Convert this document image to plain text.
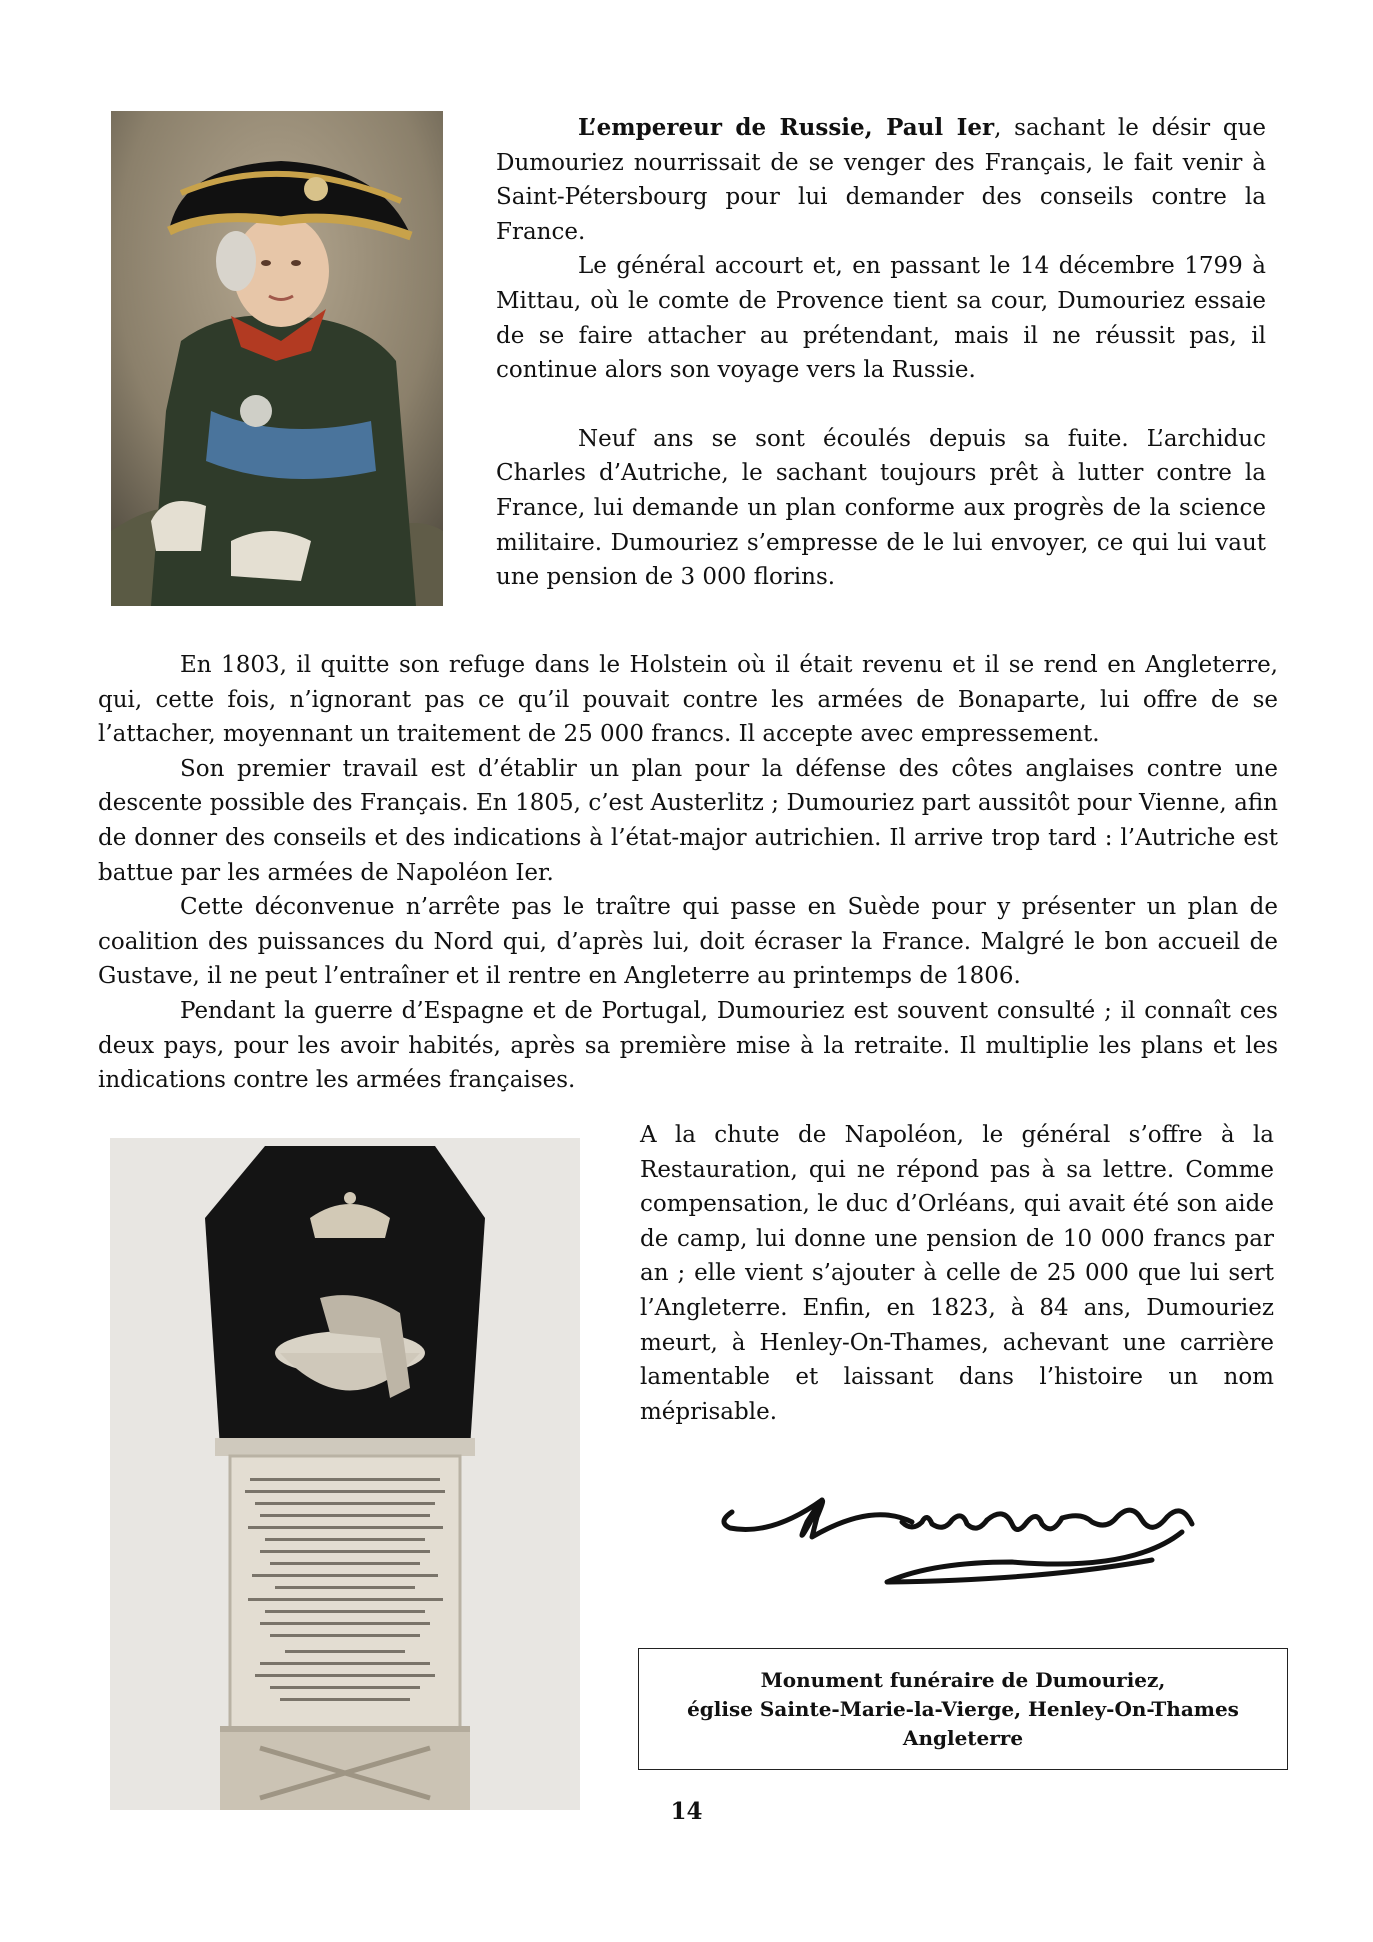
L’empereur de Russie, Paul Ier, sachant le désir que Dumouriez nourrissait de se venger des Français, le fait venir à Saint-Pétersbourg pour lui demander des conseils contre la France.

Le général accourt et, en passant le 14 décembre 1799 à Mittau, où le comte de Provence tient sa cour, Dumouriez essaie de se faire attacher au prétendant, mais il ne réussit pas, il continue alors son voyage vers la Russie.

Neuf ans se sont écoulés depuis sa fuite. L’archiduc Charles d’Autriche, le sachant toujours prêt à lutter contre la France, lui demande un plan conforme aux progrès de la science militaire. Dumouriez s’empresse de le lui envoyer, ce qui lui vaut une pension de 3 000 florins.

En 1803, il quitte son refuge dans le Holstein où il était revenu et il se rend en Angleterre, qui, cette fois, n’ignorant pas ce qu’il pouvait contre les armées de Bonaparte, lui offre de se l’attacher, moyennant un traitement de 25 000 francs. Il accepte avec empressement.

Son premier travail est d’établir un plan pour la défense des côtes anglaises contre une descente possible des Français. En 1805, c’est Austerlitz ; Dumouriez part aussitôt pour Vienne, afin de donner des conseils et des indications à l’état-major autrichien. Il arrive trop tard : l’Autriche est battue par les armées de Napoléon Ier.

Cette déconvenue n’arrête pas le traître qui passe en Suède pour y présenter un plan de coalition des puissances du Nord qui, d’après lui, doit écraser la France. Malgré le bon accueil de Gustave, il ne peut l’entraîner et il rentre en Angleterre au printemps de 1806.

Pendant la guerre d’Espagne et de Portugal, Dumouriez est souvent consulté ; il connaît ces deux pays, pour les avoir habités, après sa première mise à la retraite. Il multiplie les plans et les indications contre les armées françaises.

A la chute de Napoléon, le général s’offre à la Restauration, qui ne répond pas à sa lettre. Comme compensation, le duc d’Orléans, qui avait été son aide de camp, lui donne une pension de 10 000 francs par an ; elle vient s’ajouter à celle de 25 000 que lui sert l’Angleterre. Enfin, en 1823, à 84 ans, Dumouriez meurt, à Henley-On-Thames, achevant une carrière lamentable et laissant dans l’histoire un nom méprisable.

Monument funéraire de Dumouriez,
église Sainte-Marie-la-Vierge, Henley-On-Thames
Angleterre
14
